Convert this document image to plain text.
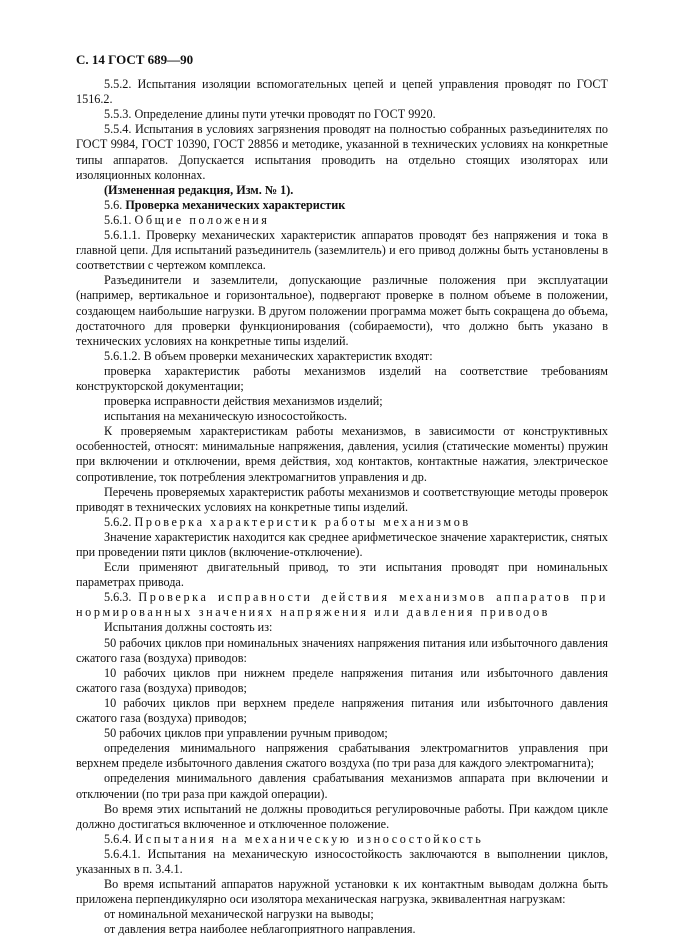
С. 14 ГОСТ 689—90

5.5.2. Испытания изоляции вспомогательных цепей и цепей управления проводят по ГОСТ 1516.2.

5.5.3. Определение длины пути утечки проводят по ГОСТ 9920.

5.5.4. Испытания в условиях загрязнения проводят на полностью собранных разъединителях по ГОСТ 9984, ГОСТ 10390, ГОСТ 28856 и методике, указанной в технических условиях на конкретные типы аппаратов. Допускается испытания проводить на отдельно стоящих изоляторах или изоляционных колоннах.

(Измененная редакция, Изм. № 1).

5.6. Проверка механических характеристик

5.6.1. Общие положения

5.6.1.1. Проверку механических характеристик аппаратов проводят без напряжения и тока в главной цепи. Для испытаний разъединитель (заземлитель) и его привод должны быть установлены в соответствии с чертежом комплекса.

Разъединители и заземлители, допускающие различные положения при эксплуатации (например, вертикальное и горизонтальное), подвергают проверке в полном объеме в положении, создающем наибольшие нагрузки. В другом положении программа может быть сокращена до объема, достаточного для проверки функционирования (собираемости), что должно быть указано в технических условиях на конкретные типы изделий.

5.6.1.2. В объем проверки механических характеристик входят:

проверка характеристик работы механизмов изделий на соответствие требованиям конструкторской документации;

проверка исправности действия механизмов изделий;

испытания на механическую износостойкость.

К проверяемым характеристикам работы механизмов, в зависимости от конструктивных особенностей, относят: минимальные напряжения, давления, усилия (статические моменты) пружин при включении и отключении, время действия, ход контактов, контактные нажатия, электрическое сопротивление, ток потребления электромагнитов управления и др.

Перечень проверяемых характеристик работы механизмов и соответствующие методы проверок приводят в технических условиях на конкретные типы изделий.

5.6.2. Проверка характеристик работы механизмов

Значение характеристик находится как среднее арифметическое значение характеристик, снятых при проведении пяти циклов (включение-отключение).

Если применяют двигательный привод, то эти испытания проводят при номинальных параметрах привода.

5.6.3. Проверка исправности действия механизмов аппаратов при нормированных значениях напряжения или давления приводов

Испытания должны состоять из:

50 рабочих циклов при номинальных значениях напряжения питания или избыточного давления сжатого газа (воздуха) приводов:

10 рабочих циклов при нижнем пределе напряжения питания или избыточного давления сжатого газа (воздуха) приводов;

10 рабочих циклов при верхнем пределе напряжения питания или избыточного давления сжатого газа (воздуха) приводов;

50 рабочих циклов при управлении ручным приводом;

определения минимального напряжения срабатывания электромагнитов управления при верхнем пределе избыточного давления сжатого воздуха (по три раза для каждого электромагнита);

определения минимального давления срабатывания механизмов аппарата при включении и отключении (по три раза при каждой операции).

Во время этих испытаний не должны проводиться регулировочные работы. При каждом цикле должно достигаться включенное и отключенное положение.

5.6.4. Испытания на механическую износостойкость

5.6.4.1. Испытания на механическую износостойкость заключаются в выполнении циклов, указанных в п. 3.4.1.

Во время испытаний аппаратов наружной установки к их контактным выводам должна быть приложена перпендикулярно оси изолятора механическая нагрузка, эквивалентная нагрузкам:

от номинальной механической нагрузки на выводы;

от давления ветра наиболее неблагоприятного направления.
